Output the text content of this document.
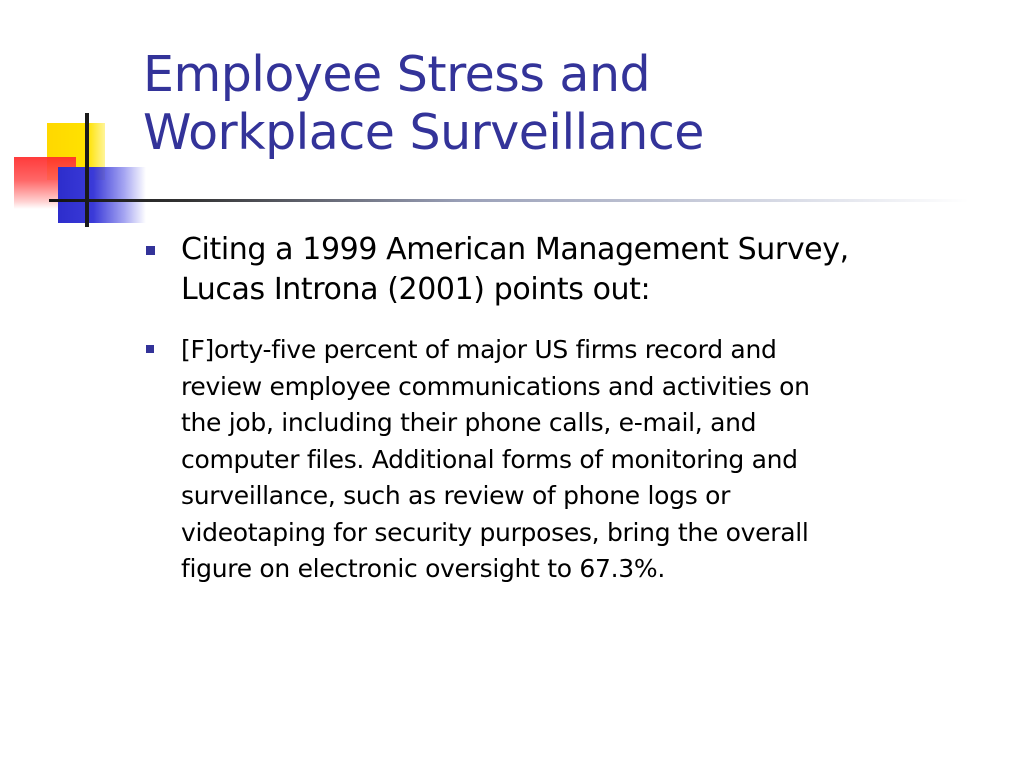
Employee Stress and
Workplace Surveillance
Citing a 1999 American Management Survey,
Lucas Introna (2001) points out:
[F]orty-five percent of major US firms record and
review employee communications and activities on
the job, including their phone calls, e-mail, and
computer files. Additional forms of monitoring and
surveillance, such as review of phone logs or
videotaping for security purposes, bring the overall
figure on electronic oversight to 67.3%.
